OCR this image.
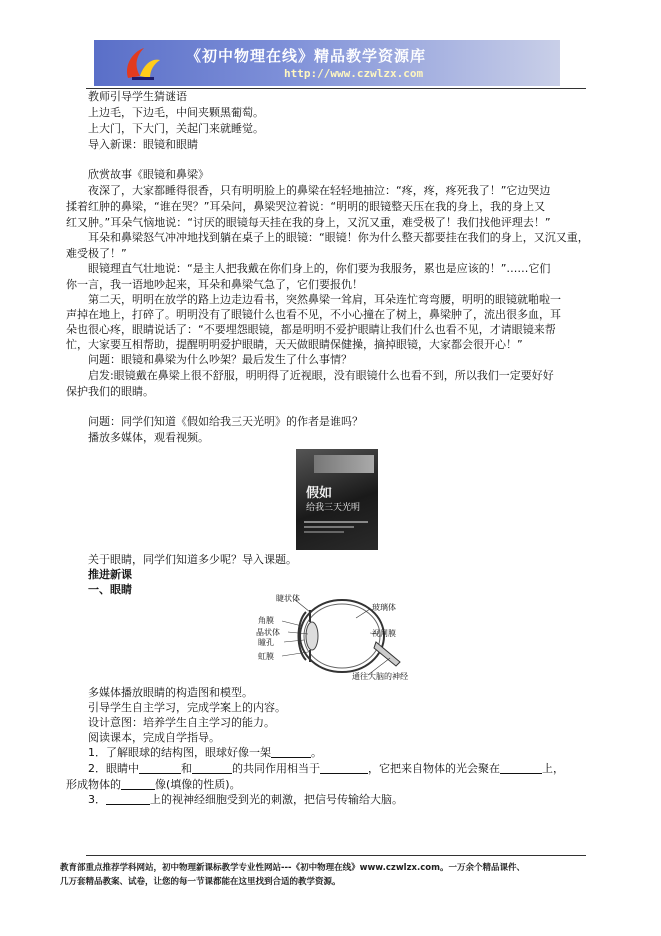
《初中物理在线》精品教学资源库
http://www.czwlzx.com
教师引导学生猜谜语
上边毛，下边毛，中间夹颗黑葡萄。
上大门，下大门，关起门来就睡觉。
导入新课：眼镜和眼睛
欣赏故事《眼镜和鼻梁》
夜深了，大家都睡得很香，只有明明脸上的鼻梁在轻轻地抽泣：“疼，疼，疼死我了！”它边哭边
揉着红肿的鼻梁，“谁在哭？”耳朵问，鼻梁哭泣着说：“明明的眼镜整天压在我的身上，我的身上又
红又肿。”耳朵气恼地说：“讨厌的眼镜每天挂在我的身上，又沉又重，难受极了！我们找他评理去！”
耳朵和鼻梁怒气冲冲地找到躺在桌子上的眼镜：“眼镜！你为什么整天都要挂在我们的身上，又沉又重，
难受极了！”
眼镜理直气壮地说：“是主人把我戴在你们身上的，你们要为我服务，累也是应该的！”……它们
你一言，我一语地吵起来，耳朵和鼻梁气急了，它们要报仇！
第二天，明明在放学的路上边走边看书，突然鼻梁一耸肩，耳朵连忙弯弯腰，明明的眼镜就啪啦一
声掉在地上，打碎了。明明没有了眼镜什么也看不见，不小心撞在了树上，鼻梁肿了，流出很多血，耳
朵也很心疼，眼睛说话了：“不要埋怨眼镜，都是明明不爱护眼睛让我们什么也看不见，才请眼镜来帮
忙，大家要互相帮助，提醒明明爱护眼睛，天天做眼睛保健操，摘掉眼镜，大家都会很开心！”
问题：眼镜和鼻梁为什么吵架？最后发生了什么事情？
启发:眼镜戴在鼻梁上很不舒服，明明得了近视眼，没有眼镜什么也看不到，所以我们一定要好好
保护我们的眼睛。
问题：同学们知道《假如给我三天光明》的作者是谁吗？
播放多媒体，观看视频。
假如
给我三天光明
关于眼睛，同学们知道多少呢？导入课题。
推进新课
一、眼睛
睫状体
玻璃体
角膜
晶状体	视网膜
瞳孔
虹膜
通往大脑的神经
多媒体播放眼睛的构造图和模型。
引导学生自主学习，完成学案上的内容。
设计意图：培养学生自主学习的能力。
阅读课本，完成自学指导。
1．了解眼球的结构图，眼球好像一架	。
2．眼睛中	和	的共同作用相当于	，它把来自物体的光会聚在	上，
形成物体的	像(填像的性质)。
3．	上的视神经细胞受到光的刺激，把信号传输给大脑。
教育部重点推荐学科网站，初中物理新课标教学专业性网站---《初中物理在线》www.czwlzx.com。一万余个精品课件、
几万套精品教案、试卷，让您的每一节课都能在这里找到合适的教学资源。
